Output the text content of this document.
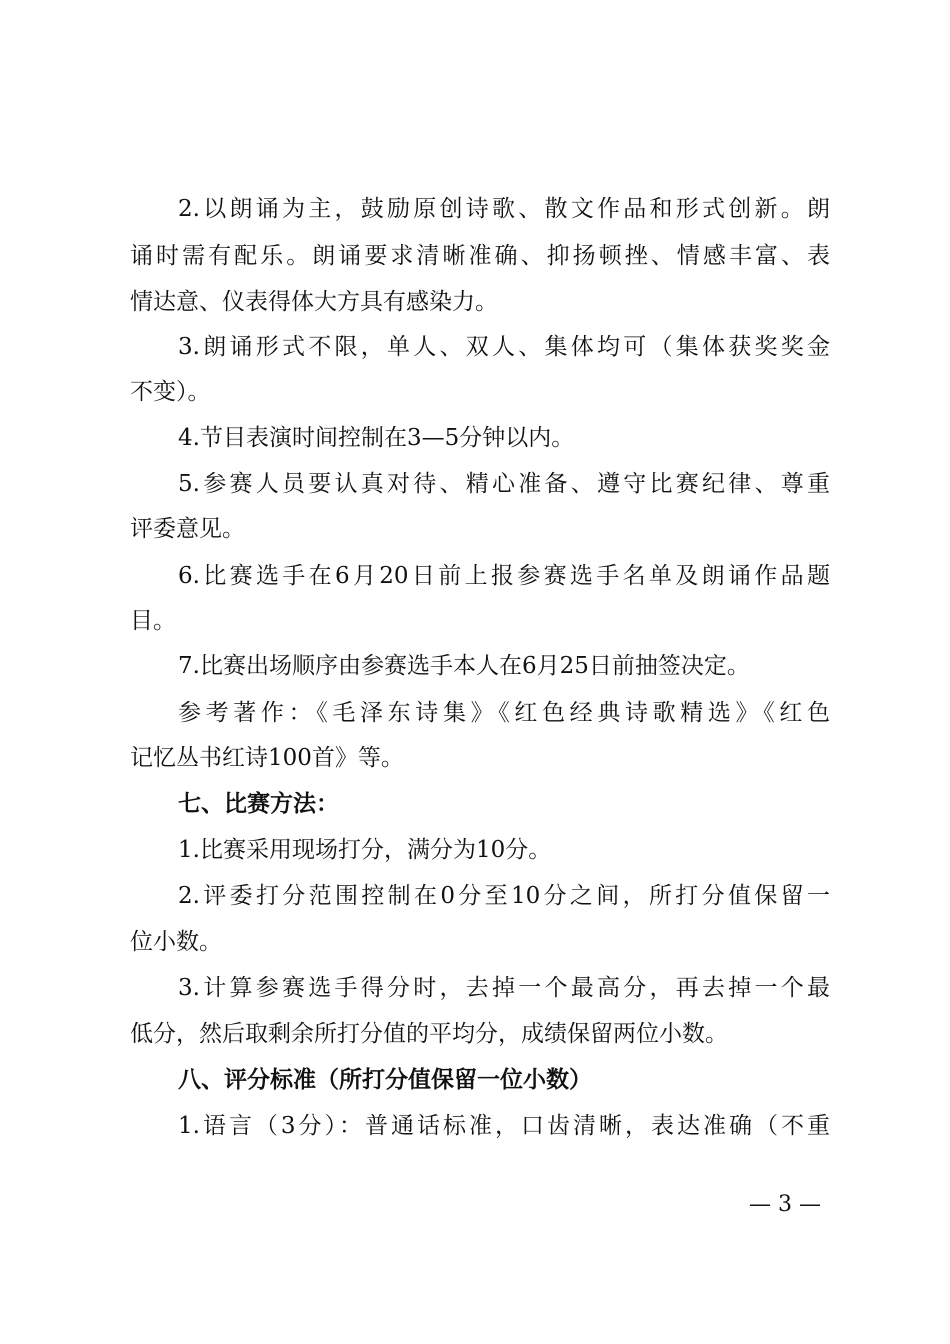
2.以朗诵为主，鼓励原创诗歌、散文作品和形式创新。朗
诵时需有配乐。朗诵要求清晰准确、抑扬顿挫、情感丰富、表
情达意、仪表得体大方具有感染力。
3.朗诵形式不限，单人、双人、集体均可（集体获奖奖金
不变）。
4.节目表演时间控制在3—5分钟以内。
5.参赛人员要认真对待、精心准备、遵守比赛纪律、尊重
评委意见。
6.比赛选手在6月20日前上报参赛选手名单及朗诵作品题
目。
7.比赛出场顺序由参赛选手本人在6月25日前抽签决定。
参考著作：《毛泽东诗集》《红色经典诗歌精选》《红色
记忆丛书红诗100首》等。
七、比赛方法：
1.比赛采用现场打分，满分为10分。
2.评委打分范围控制在0分至10分之间，所打分值保留一
位小数。
3.计算参赛选手得分时，去掉一个最高分，再去掉一个最
低分，然后取剩余所打分值的平均分，成绩保留两位小数。
八、评分标准（所打分值保留一位小数）
1.语言（3分）：普通话标准，口齿清晰，表达准确（不重
— 3 —
